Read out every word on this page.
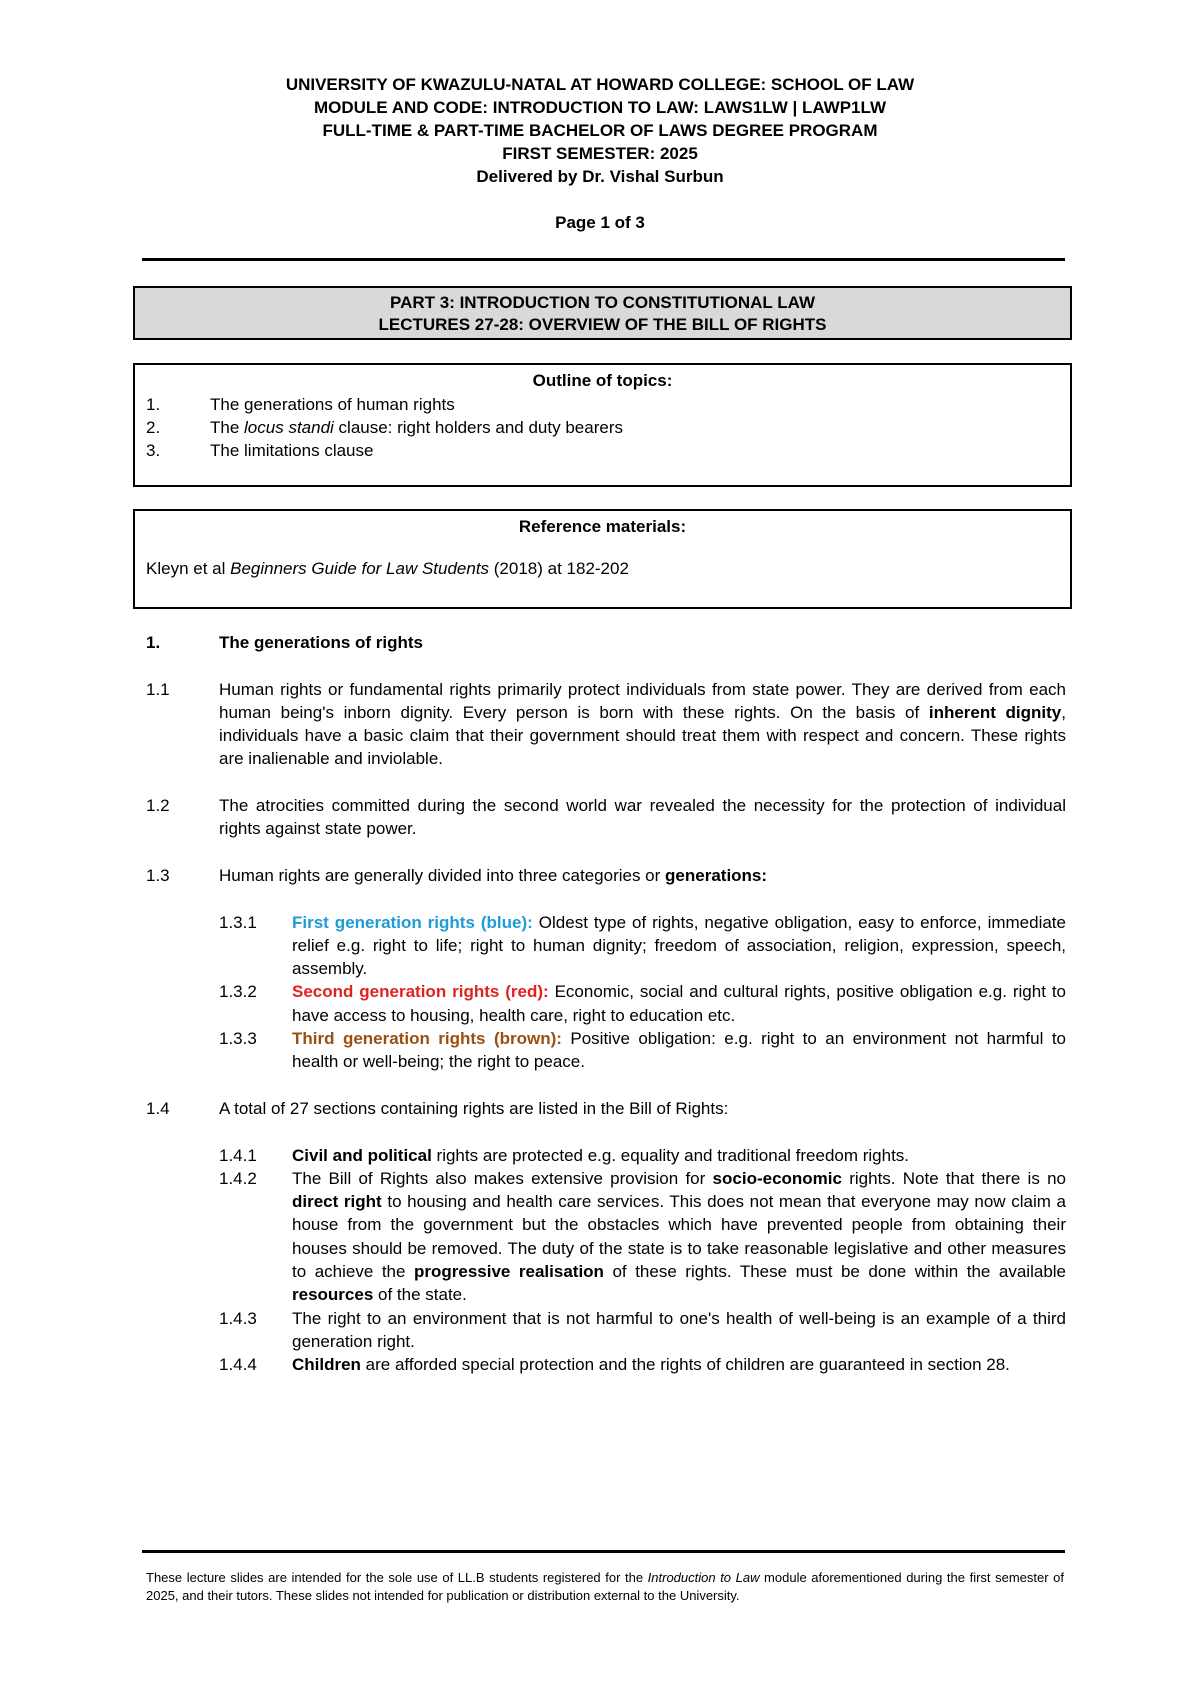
UNIVERSITY OF KWAZULU-NATAL AT HOWARD COLLEGE: SCHOOL OF LAW
MODULE AND CODE: INTRODUCTION TO LAW: LAWS1LW | LAWP1LW
FULL-TIME & PART-TIME BACHELOR OF LAWS DEGREE PROGRAM
FIRST SEMESTER: 2025
Delivered by Dr. Vishal Surbun
Page 1 of 3
PART 3: INTRODUCTION TO CONSTITUTIONAL LAW
LECTURES 27-28: OVERVIEW OF THE BILL OF RIGHTS
Outline of topics:
1.	The generations of human rights
2.	The locus standi clause: right holders and duty bearers
3.	The limitations clause
Reference materials:
Kleyn et al Beginners Guide for Law Students (2018) at 182-202
1.	The generations of rights
1.1	Human rights or fundamental rights primarily protect individuals from state power. They are derived from each human being's inborn dignity. Every person is born with these rights. On the basis of inherent dignity, individuals have a basic claim that their government should treat them with respect and concern. These rights are inalienable and inviolable.
1.2	The atrocities committed during the second world war revealed the necessity for the protection of individual rights against state power.
1.3	Human rights are generally divided into three categories or generations:
1.3.1	First generation rights (blue): Oldest type of rights, negative obligation, easy to enforce, immediate relief e.g. right to life; right to human dignity; freedom of association, religion, expression, speech, assembly.
1.3.2	Second generation rights (red): Economic, social and cultural rights, positive obligation e.g. right to have access to housing, health care, right to education etc.
1.3.3	Third generation rights (brown): Positive obligation: e.g. right to an environment not harmful to health or well-being; the right to peace.
1.4	A total of 27 sections containing rights are listed in the Bill of Rights:
1.4.1	Civil and political rights are protected e.g. equality and traditional freedom rights.
1.4.2	The Bill of Rights also makes extensive provision for socio-economic rights. Note that there is no direct right to housing and health care services. This does not mean that everyone may now claim a house from the government but the obstacles which have prevented people from obtaining their houses should be removed. The duty of the state is to take reasonable legislative and other measures to achieve the progressive realisation of these rights. These must be done within the available resources of the state.
1.4.3	The right to an environment that is not harmful to one's health of well-being is an example of a third generation right.
1.4.4	Children are afforded special protection and the rights of children are guaranteed in section 28.
These lecture slides are intended for the sole use of LL.B students registered for the Introduction to Law module aforementioned during the first semester of 2025, and their tutors. These slides not intended for publication or distribution external to the University.
